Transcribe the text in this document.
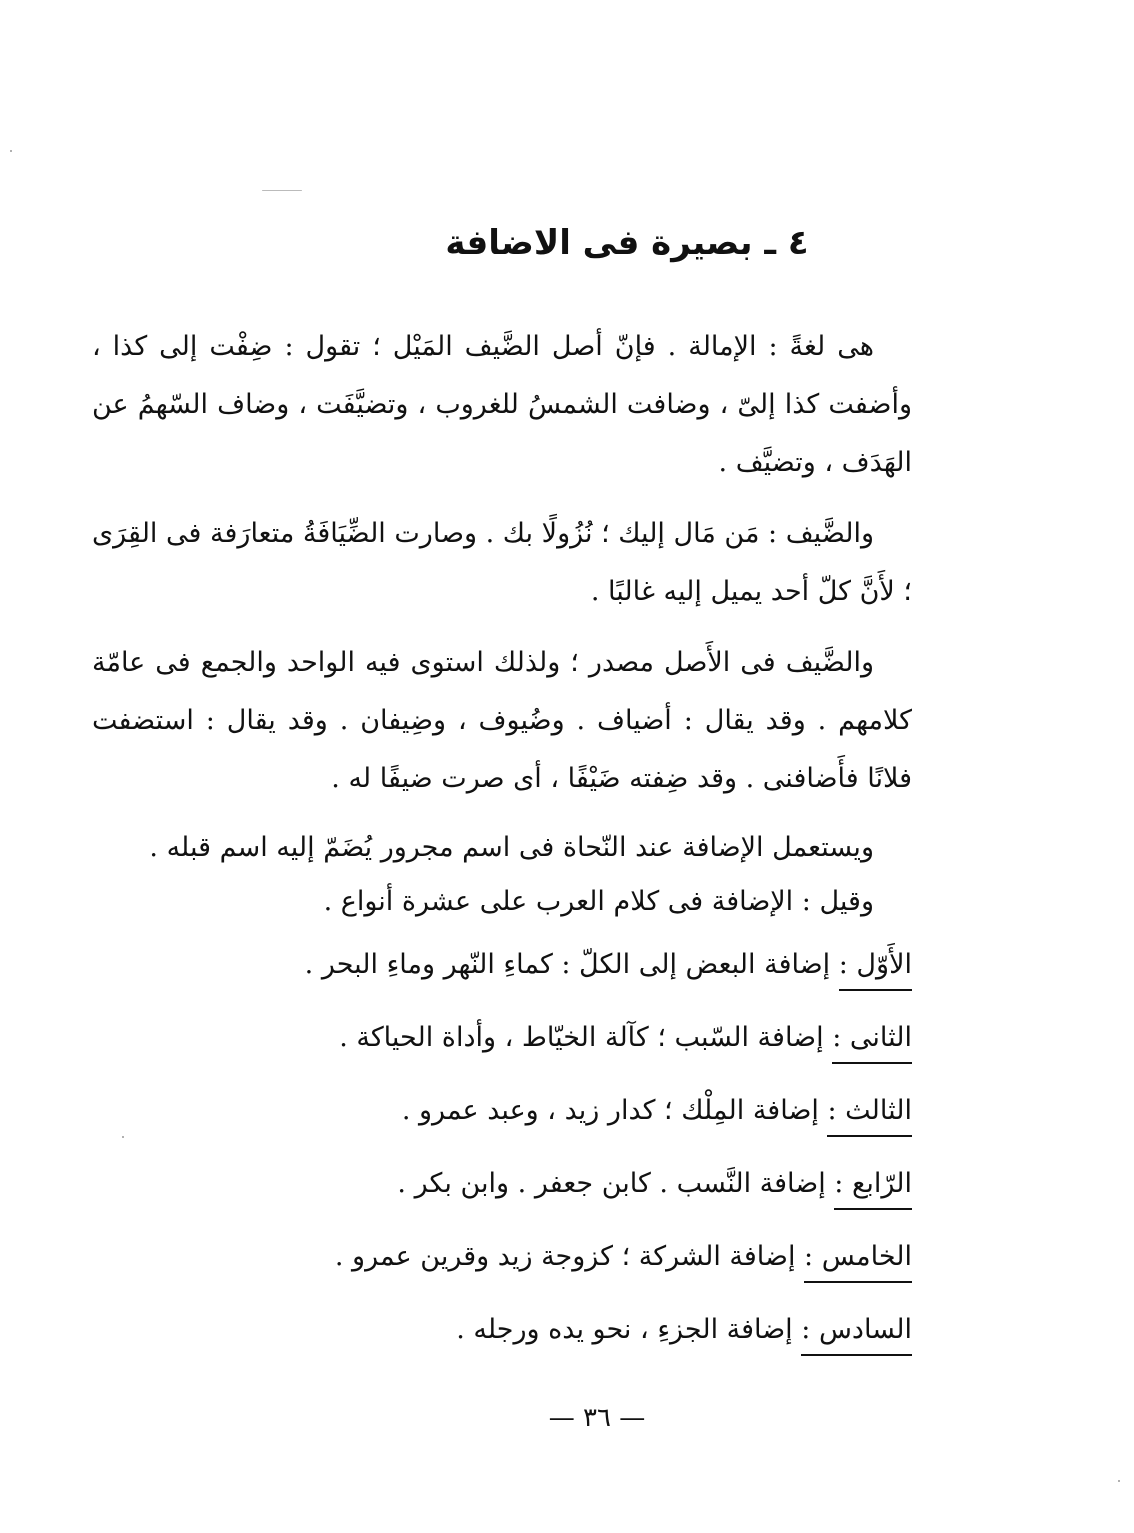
٤ ـ بصيرة فى الاضافة

هى لغةً : الإمالة . فإنّ أصل الضَّيف المَيْل ؛ تقول : ضِفْت إلى كذا ، وأضفت كذا إلىّ ، وضافت الشمسُ للغروب ، وتضيَّفَت ، وضاف السّهمُ عن الهَدَف ، وتضيَّف .

والضَّيف : مَن مَال إليك ؛ نُزُولًا بك . وصارت الضِّيَافَةُ متعارَفة فى القِرَى ؛ لأَنَّ كلّ أحد يميل إليه غالبًا .

والضَّيف فى الأَصل مصدر ؛ ولذلك استوى فيه الواحد والجمع فى عامّة كلامهم . وقد يقال : أضياف . وضُيوف ، وضِيفان . وقد يقال : استضفت فلانًا فأَضافنى . وقد ضِفته ضَيْفًا ، أى صرت ضيفًا له .

ويستعمل الإضافة عند النّحاة فى اسم مجرور يُضَمّ إليه اسم قبله .

وقيل : الإضافة فى كلام العرب على عشرة أنواع .

الأَوّل : إضافة البعض إلى الكلّ : كماءِ النّهر وماءِ البحر .

الثانى : إضافة السّبب ؛ كآلة الخيّاط ، وأداة الحياكة .

الثالث : إضافة المِلْك ؛ كدار زيد ، وعبد عمرو .

الرّابع : إضافة النَّسب . كابن جعفر . وابن بكر .

الخامس : إضافة الشركة ؛ كزوجة زيد وقرين عمرو .

السادس : إضافة الجزءِ ، نحو يده ورجله .

— ٣٦ —
